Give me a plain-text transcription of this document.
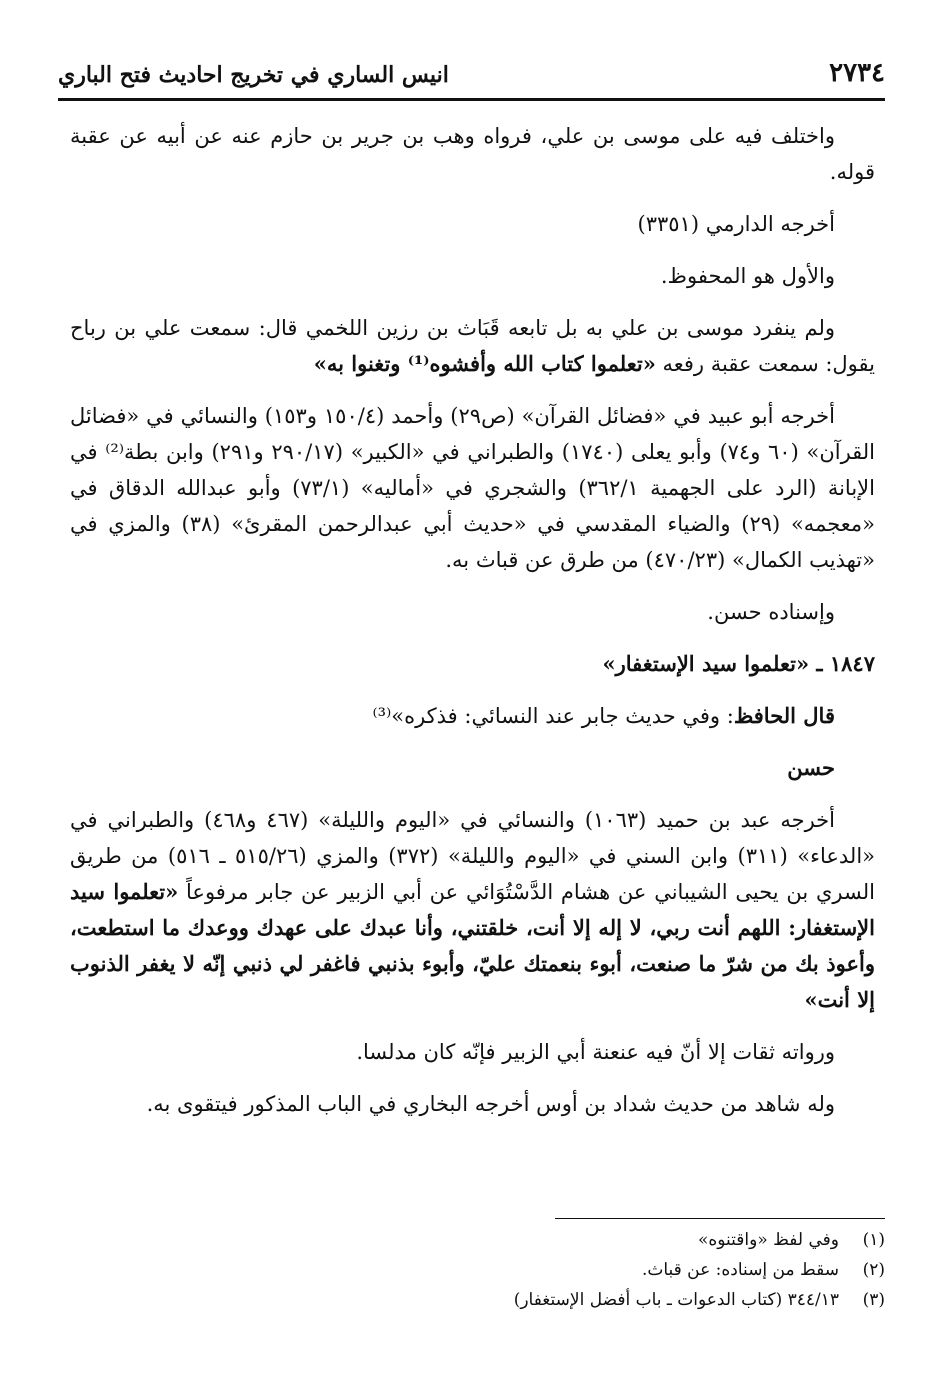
٢٧٣٤
انيس الساري في تخريج احاديث فتح الباري

واختلف فيه على موسى بن علي، فرواه وهب بن جرير بن حازم عنه عن أبيه عن عقبة قوله.

أخرجه الدارمي (٣٣٥١)

والأول هو المحفوظ.

ولم ينفرد موسى بن علي به بل تابعه قَبَاث بن رزين اللخمي قال: سمعت علي بن رباح يقول: سمعت عقبة رفعه «تعلموا كتاب الله وأفشوه⁽¹⁾ وتغنوا به»

أخرجه أبو عبيد في «فضائل القرآن» (ص٢٩) وأحمد (١٥٠/٤ و١٥٣) والنسائي في «فضائل القرآن» (٦٠ و٧٤) وأبو يعلى (١٧٤٠) والطبراني في «الكبير» (٢٩٠/١٧ و٢٩١) وابن بطة⁽²⁾ في الإبانة (الرد على الجهمية ٣٦٢/١) والشجري في «أماليه» (٧٣/١) وأبو عبدالله الدقاق في «معجمه» (٢٩) والضياء المقدسي في «حديث أبي عبدالرحمن المقرئ» (٣٨) والمزي في «تهذيب الكمال» (٤٧٠/٢٣) من طرق عن قباث به.

وإسناده حسن.

١٨٤٧ ـ «تعلموا سيد الإستغفار»

قال الحافظ: وفي حديث جابر عند النسائي: فذكره»⁽³⁾

حسن

أخرجه عبد بن حميد (١٠٦٣) والنسائي في «اليوم والليلة» (٤٦٧ و٤٦٨) والطبراني في «الدعاء» (٣١١) وابن السني في «اليوم والليلة» (٣٧٢) والمزي (٥١٥/٢٦ ـ ٥١٦) من طريق السري بن يحيى الشيباني عن هشام الدَّسْتُوَائي عن أبي الزبير عن جابر مرفوعاً «تعلموا سيد الإستغفار: اللهم أنت ربي، لا إله إلا أنت، خلقتني، وأنا عبدك على عهدك ووعدك ما استطعت، وأعوذ بك من شرّ ما صنعت، أبوء بنعمتك عليّ، وأبوء بذنبي فاغفر لي ذنبي إنّه لا يغفر الذنوب إلا أنت»

ورواته ثقات إلا أنّ فيه عنعنة أبي الزبير فإنّه كان مدلسا.

وله شاهد من حديث شداد بن أوس أخرجه البخاري في الباب المذكور فيتقوى به.

(١)
وفي لفظ «واقتنوه»
(٢)
سقط من إسناده: عن قباث.
(٣)
٣٤٤/١٣ (كتاب الدعوات ـ باب أفضل الإستغفار)
